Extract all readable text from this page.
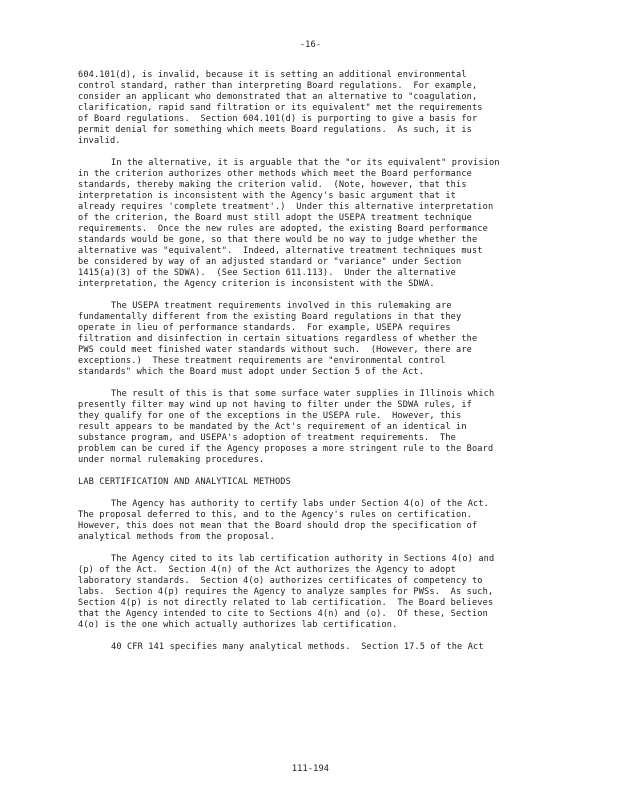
-16-
604.101(d), is invalid, because it is setting an additional environmental
control standard, rather than interpreting Board regulations.  For example,
consider an applicant who demonstrated that an alternative to "coagulation,
clarification, rapid sand filtration or its equivalent" met the requirements
of Board regulations.  Section 604.101(d) is purporting to give a basis for
permit denial for something which meets Board regulations.  As such, it is
invalid.
In the alternative, it is arguable that the "or its equivalent" provision
in the criterion authorizes other methods which meet the Board performance
standards, thereby making the criterion valid.  (Note, however, that this
interpretation is inconsistent with the Agency's basic argument that it
already requires 'complete treatment'.)  Under this alternative interpretation
of the criterion, the Board must still adopt the USEPA treatment technique
requirements.  Once the new rules are adopted, the existing Board performance
standards would be gone, so that there would be no way to judge whether the
alternative was "equivalent".  Indeed, alternative treatment techniques must
be considered by way of an adjusted standard or "variance" under Section
1415(a)(3) of the SDWA).  (See Section 611.113).  Under the alternative
interpretation, the Agency criterion is inconsistent with the SDWA.
The USEPA treatment requirements involved in this rulemaking are
fundamentally different from the existing Board regulations in that they
operate in lieu of performance standards.  For example, USEPA requires
filtration and disinfection in certain situations regardless of whether the
PWS could meet finished water standards without such.  (However, there are
exceptions.)  These treatment requirements are "environmental control
standards" which the Board must adopt under Section 5 of the Act.
The result of this is that some surface water supplies in Illinois which
presently filter may wind up not having to filter under the SDWA rules, if
they qualify for one of the exceptions in the USEPA rule.  However, this
result appears to be mandated by the Act's requirement of an identical in
substance program, and USEPA's adoption of treatment requirements.  The
problem can be cured if the Agency proposes a more stringent rule to the Board
under normal rulemaking procedures.
LAB CERTIFICATION AND ANALYTICAL METHODS
The Agency has authority to certify labs under Section 4(o) of the Act.
The proposal deferred to this, and to the Agency's rules on certification.
However, this does not mean that the Board should drop the specification of
analytical methods from the proposal.
The Agency cited to its lab certification authority in Sections 4(o) and
(p) of the Act.  Section 4(n) of the Act authorizes the Agency to adopt
laboratory standards.  Section 4(o) authorizes certificates of competency to
labs.  Section 4(p) requires the Agency to analyze samples for PWSs.  As such,
Section 4(p) is not directly related to lab certification.  The Board believes
that the Agency intended to cite to Sections 4(n) and (o).  Of these, Section
4(o) is the one which actually authorizes lab certification.
40 CFR 141 specifies many analytical methods.  Section 17.5 of the Act
111-194
